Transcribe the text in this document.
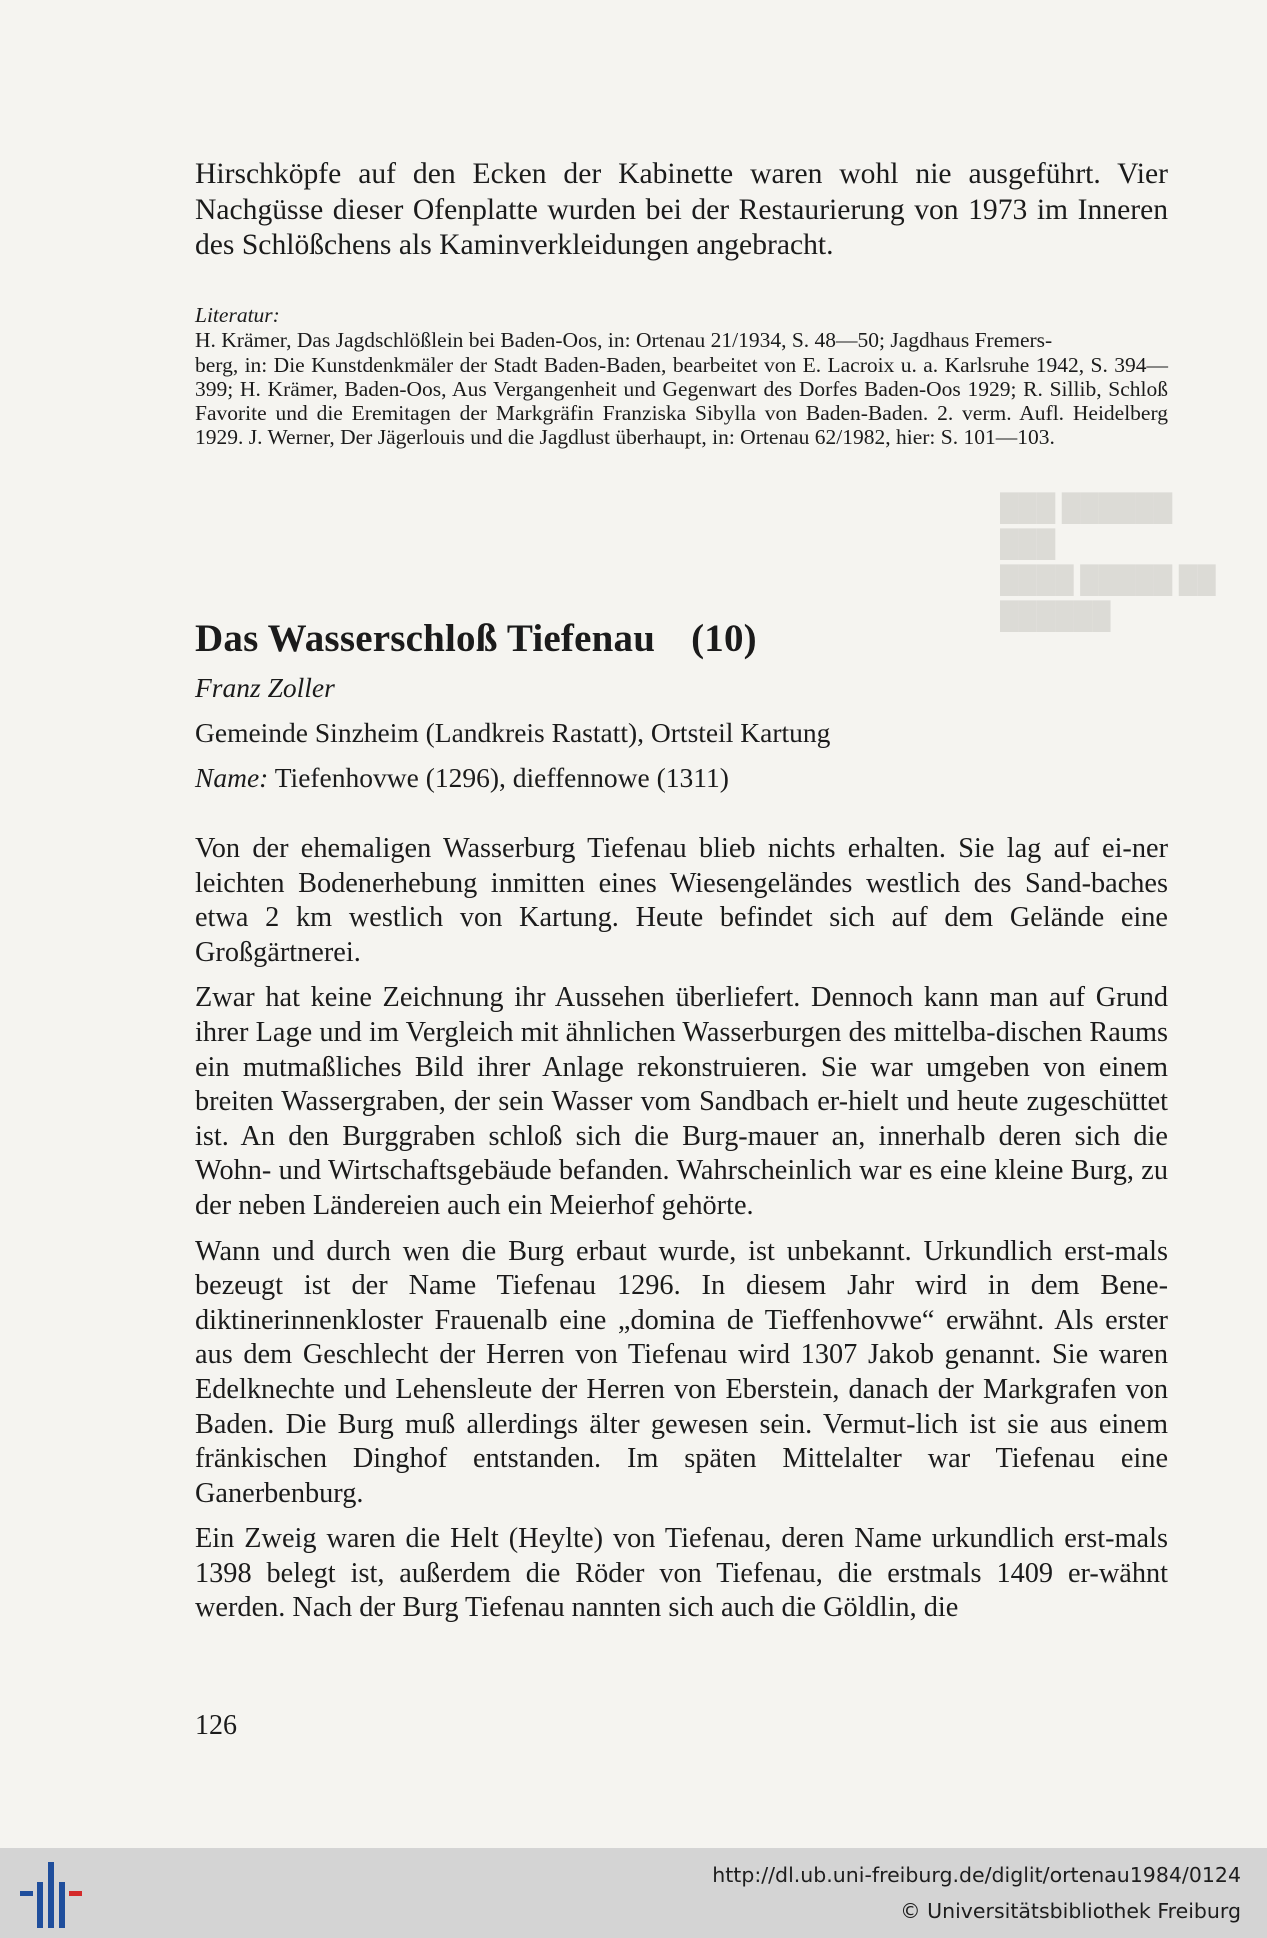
███ ██████ ███

████ █████ ██

██████

Hirschköpfe auf den Ecken der Kabinette waren wohl nie ausgeführt. Vier Nachgüsse dieser Ofenplatte wurden bei der Restaurierung von 1973 im Inneren des Schlößchens als Kaminverkleidungen angebracht.

Literatur:

H. Krämer, Das Jagdschlößlein bei Baden-Oos, in: Ortenau 21/1934, S. 48—50; Jagdhaus Fremers-
berg, in: Die Kunstdenkmäler der Stadt Baden-Baden, bearbeitet von E. Lacroix u. a. Karlsruhe 1942, S. 394—399; H. Krämer, Baden-Oos, Aus Vergangenheit und Gegenwart des Dorfes Baden-Oos 1929; R. Sillib, Schloß Favorite und die Eremitagen der Markgräfin Franziska Sibylla von Baden-Baden. 2. verm. Aufl. Heidelberg 1929. J. Werner, Der Jägerlouis und die Jagdlust überhaupt, in: Ortenau 62/1982, hier: S. 101—103.

Das Wasserschloß Tiefenau (10)
Franz Zoller
Gemeinde Sinzheim (Landkreis Rastatt), Ortsteil Kartung
Name: Tiefenhovwe (1296), dieffennowe (1311)

Von der ehemaligen Wasserburg Tiefenau blieb nichts erhalten. Sie lag auf ei-ner leichten Bodenerhebung inmitten eines Wiesengeländes westlich des Sand-baches etwa 2 km westlich von Kartung. Heute befindet sich auf dem Gelände eine Großgärtnerei.

Zwar hat keine Zeichnung ihr Aussehen überliefert. Dennoch kann man auf Grund ihrer Lage und im Vergleich mit ähnlichen Wasserburgen des mittelba-dischen Raums ein mutmaßliches Bild ihrer Anlage rekonstruieren. Sie war umgeben von einem breiten Wassergraben, der sein Wasser vom Sandbach er-hielt und heute zugeschüttet ist. An den Burggraben schloß sich die Burg-mauer an, innerhalb deren sich die Wohn- und Wirtschaftsgebäude befanden. Wahrscheinlich war es eine kleine Burg, zu der neben Ländereien auch ein Meierhof gehörte.

Wann und durch wen die Burg erbaut wurde, ist unbekannt. Urkundlich erst-mals bezeugt ist der Name Tiefenau 1296. In diesem Jahr wird in dem Bene-diktinerinnenkloster Frauenalb eine „domina de Tieffenhovwe“ erwähnt. Als erster aus dem Geschlecht der Herren von Tiefenau wird 1307 Jakob genannt. Sie waren Edelknechte und Lehensleute der Herren von Eberstein, danach der Markgrafen von Baden. Die Burg muß allerdings älter gewesen sein. Vermut-lich ist sie aus einem fränkischen Dinghof entstanden. Im späten Mittelalter war Tiefenau eine Ganerbenburg.

Ein Zweig waren die Helt (Heylte) von Tiefenau, deren Name urkundlich erst-mals 1398 belegt ist, außerdem die Röder von Tiefenau, die erstmals 1409 er-wähnt werden. Nach der Burg Tiefenau nannten sich auch die Göldlin, die

126
http://dl.ub.uni-freiburg.de/diglit/ortenau1984/0124
© Universitätsbibliothek Freiburg
